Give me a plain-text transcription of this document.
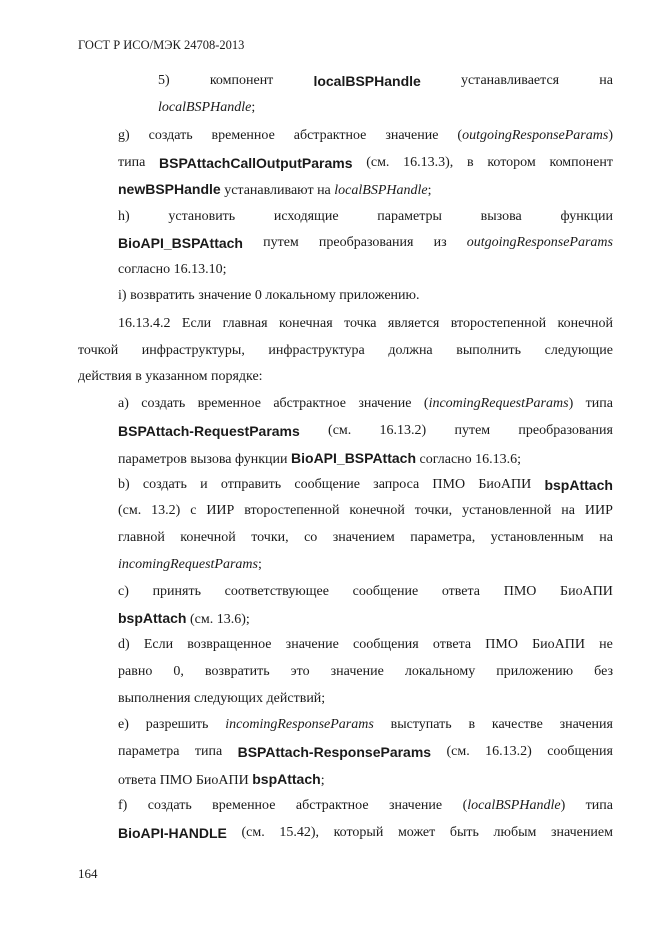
ГОСТ Р ИСО/МЭК 24708-2013
5)	компонент	localBSPHandle	устанавливается	на
localBSPHandle;
g) создать временное абстрактное значение (outgoingResponseParams)
типа BSPAttachCallOutputParams (см. 16.13.3), в котором компонент
newBSPHandle устанавливают на localBSPHandle;
h)	установить	исходящие	параметры	вызова	функции
BioAPI_BSPAttach путем преобразования из outgoingResponseParams
согласно 16.13.10;
i) возвратить значение 0 локальному приложению.
16.13.4.2 Если главная конечная точка является второстепенной конечной
точкой инфраструктуры, инфраструктура должна выполнить следующие
действия в указанном порядке:
a) создать временное абстрактное значение (incomingRequestParams) типа
BSPAttach-RequestParams (см. 16.13.2) путем преобразования
параметров вызова функции BioAPI_BSPAttach согласно 16.13.6;
b) создать и отправить сообщение запроса ПМО БиоАПИ bspAttach
(см. 13.2) с ИИР второстепенной конечной точки, установленной на ИИР
главной конечной точки, со значением параметра, установленным на
incomingRequestParams;
c) принять соответствующее сообщение ответа ПМО БиоАПИ
bspAttach (см. 13.6);
d) Если возвращенное значение сообщения ответа ПМО БиоАПИ не
равно 0, возвратить это значение локальному приложению без
выполнения следующих действий;
e) разрешить incomingResponseParams выступать в качестве значения
параметра типа BSPAttach-ResponseParams (см. 16.13.2) сообщения
ответа ПМО БиоАПИ bspAttach;
f) создать временное абстрактное значение (localBSPHandle) типа
BioAPI-HANDLE (см. 15.42), который может быть любым значением
164
